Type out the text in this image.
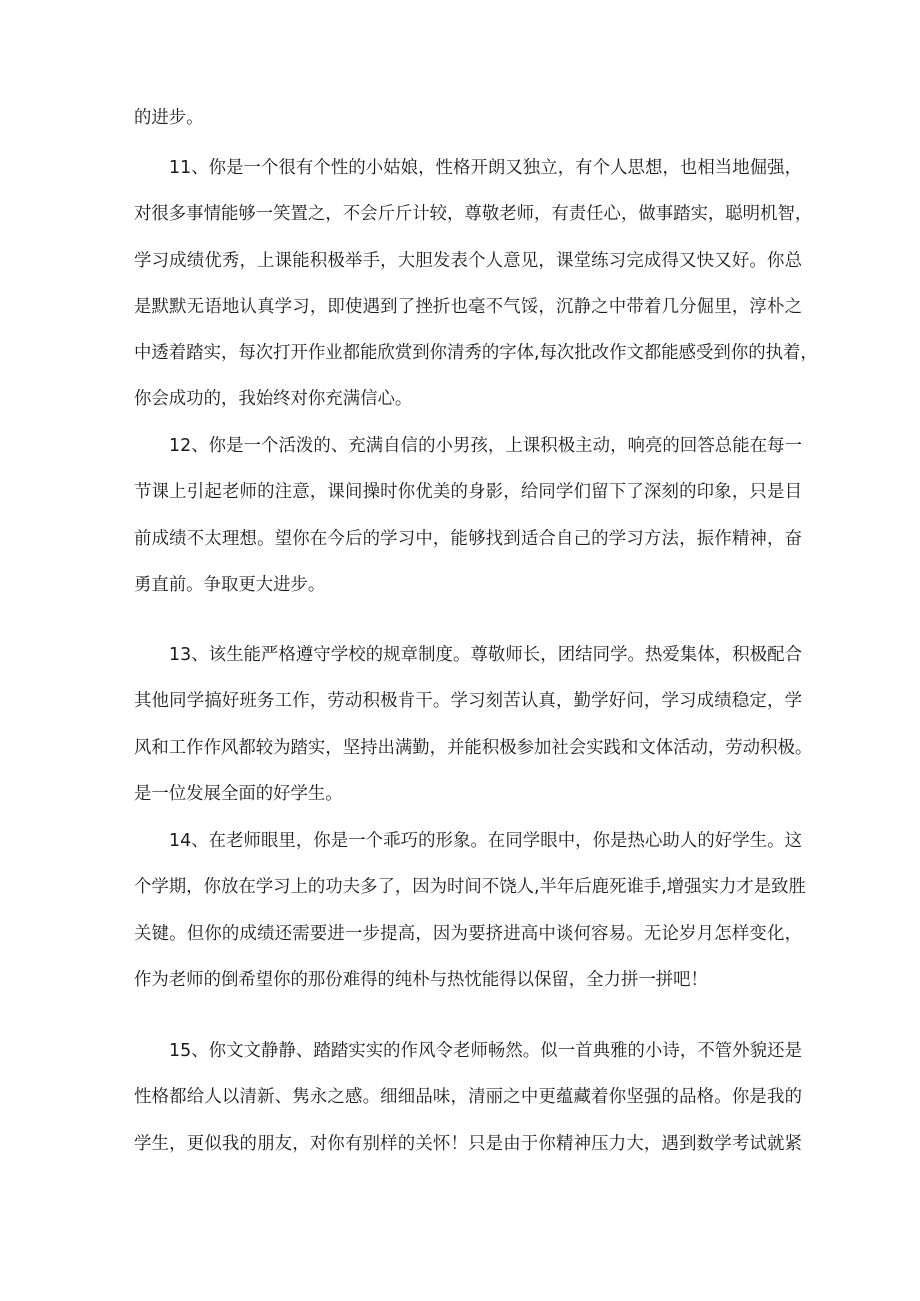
的进步。
11、你是一个很有个性的小姑娘，性格开朗又独立，有个人思想，也相当地倔强，
对很多事情能够一笑置之，不会斤斤计较，尊敬老师，有责任心，做事踏实，聪明机智，
学习成绩优秀，上课能积极举手，大胆发表个人意见，课堂练习完成得又快又好。你总
是默默无语地认真学习，即使遇到了挫折也毫不气馁，沉静之中带着几分倔里，淳朴之
中透着踏实，每次打开作业都能欣赏到你清秀的字体,每次批改作文都能感受到你的执着，
你会成功的，我始终对你充满信心。
12、你是一个活泼的、充满自信的小男孩，上课积极主动，响亮的回答总能在每一
节课上引起老师的注意，课间操时你优美的身影，给同学们留下了深刻的印象，只是目
前成绩不太理想。望你在今后的学习中，能够找到适合自己的学习方法，振作精神，奋
勇直前。争取更大进步。
13、该生能严格遵守学校的规章制度。尊敬师长，团结同学。热爱集体，积极配合
其他同学搞好班务工作，劳动积极肯干。学习刻苦认真，勤学好问，学习成绩稳定，学
风和工作作风都较为踏实，坚持出满勤，并能积极参加社会实践和文体活动，劳动积极。
是一位发展全面的好学生。
14、在老师眼里，你是一个乖巧的形象。在同学眼中，你是热心助人的好学生。这
个学期，你放在学习上的功夫多了，因为时间不饶人,半年后鹿死谁手,增强实力才是致胜
关键。但你的成绩还需要进一步提高，因为要挤进高中谈何容易。无论岁月怎样变化，
作为老师的倒希望你的那份难得的纯朴与热忱能得以保留，全力拼一拼吧！
15、你文文静静、踏踏实实的作风令老师畅然。似一首典雅的小诗，不管外貌还是
性格都给人以清新、隽永之感。细细品味，清丽之中更蕴藏着你坚强的品格。你是我的
学生，更似我的朋友，对你有别样的关怀！只是由于你精神压力大，遇到数学考试就紧
